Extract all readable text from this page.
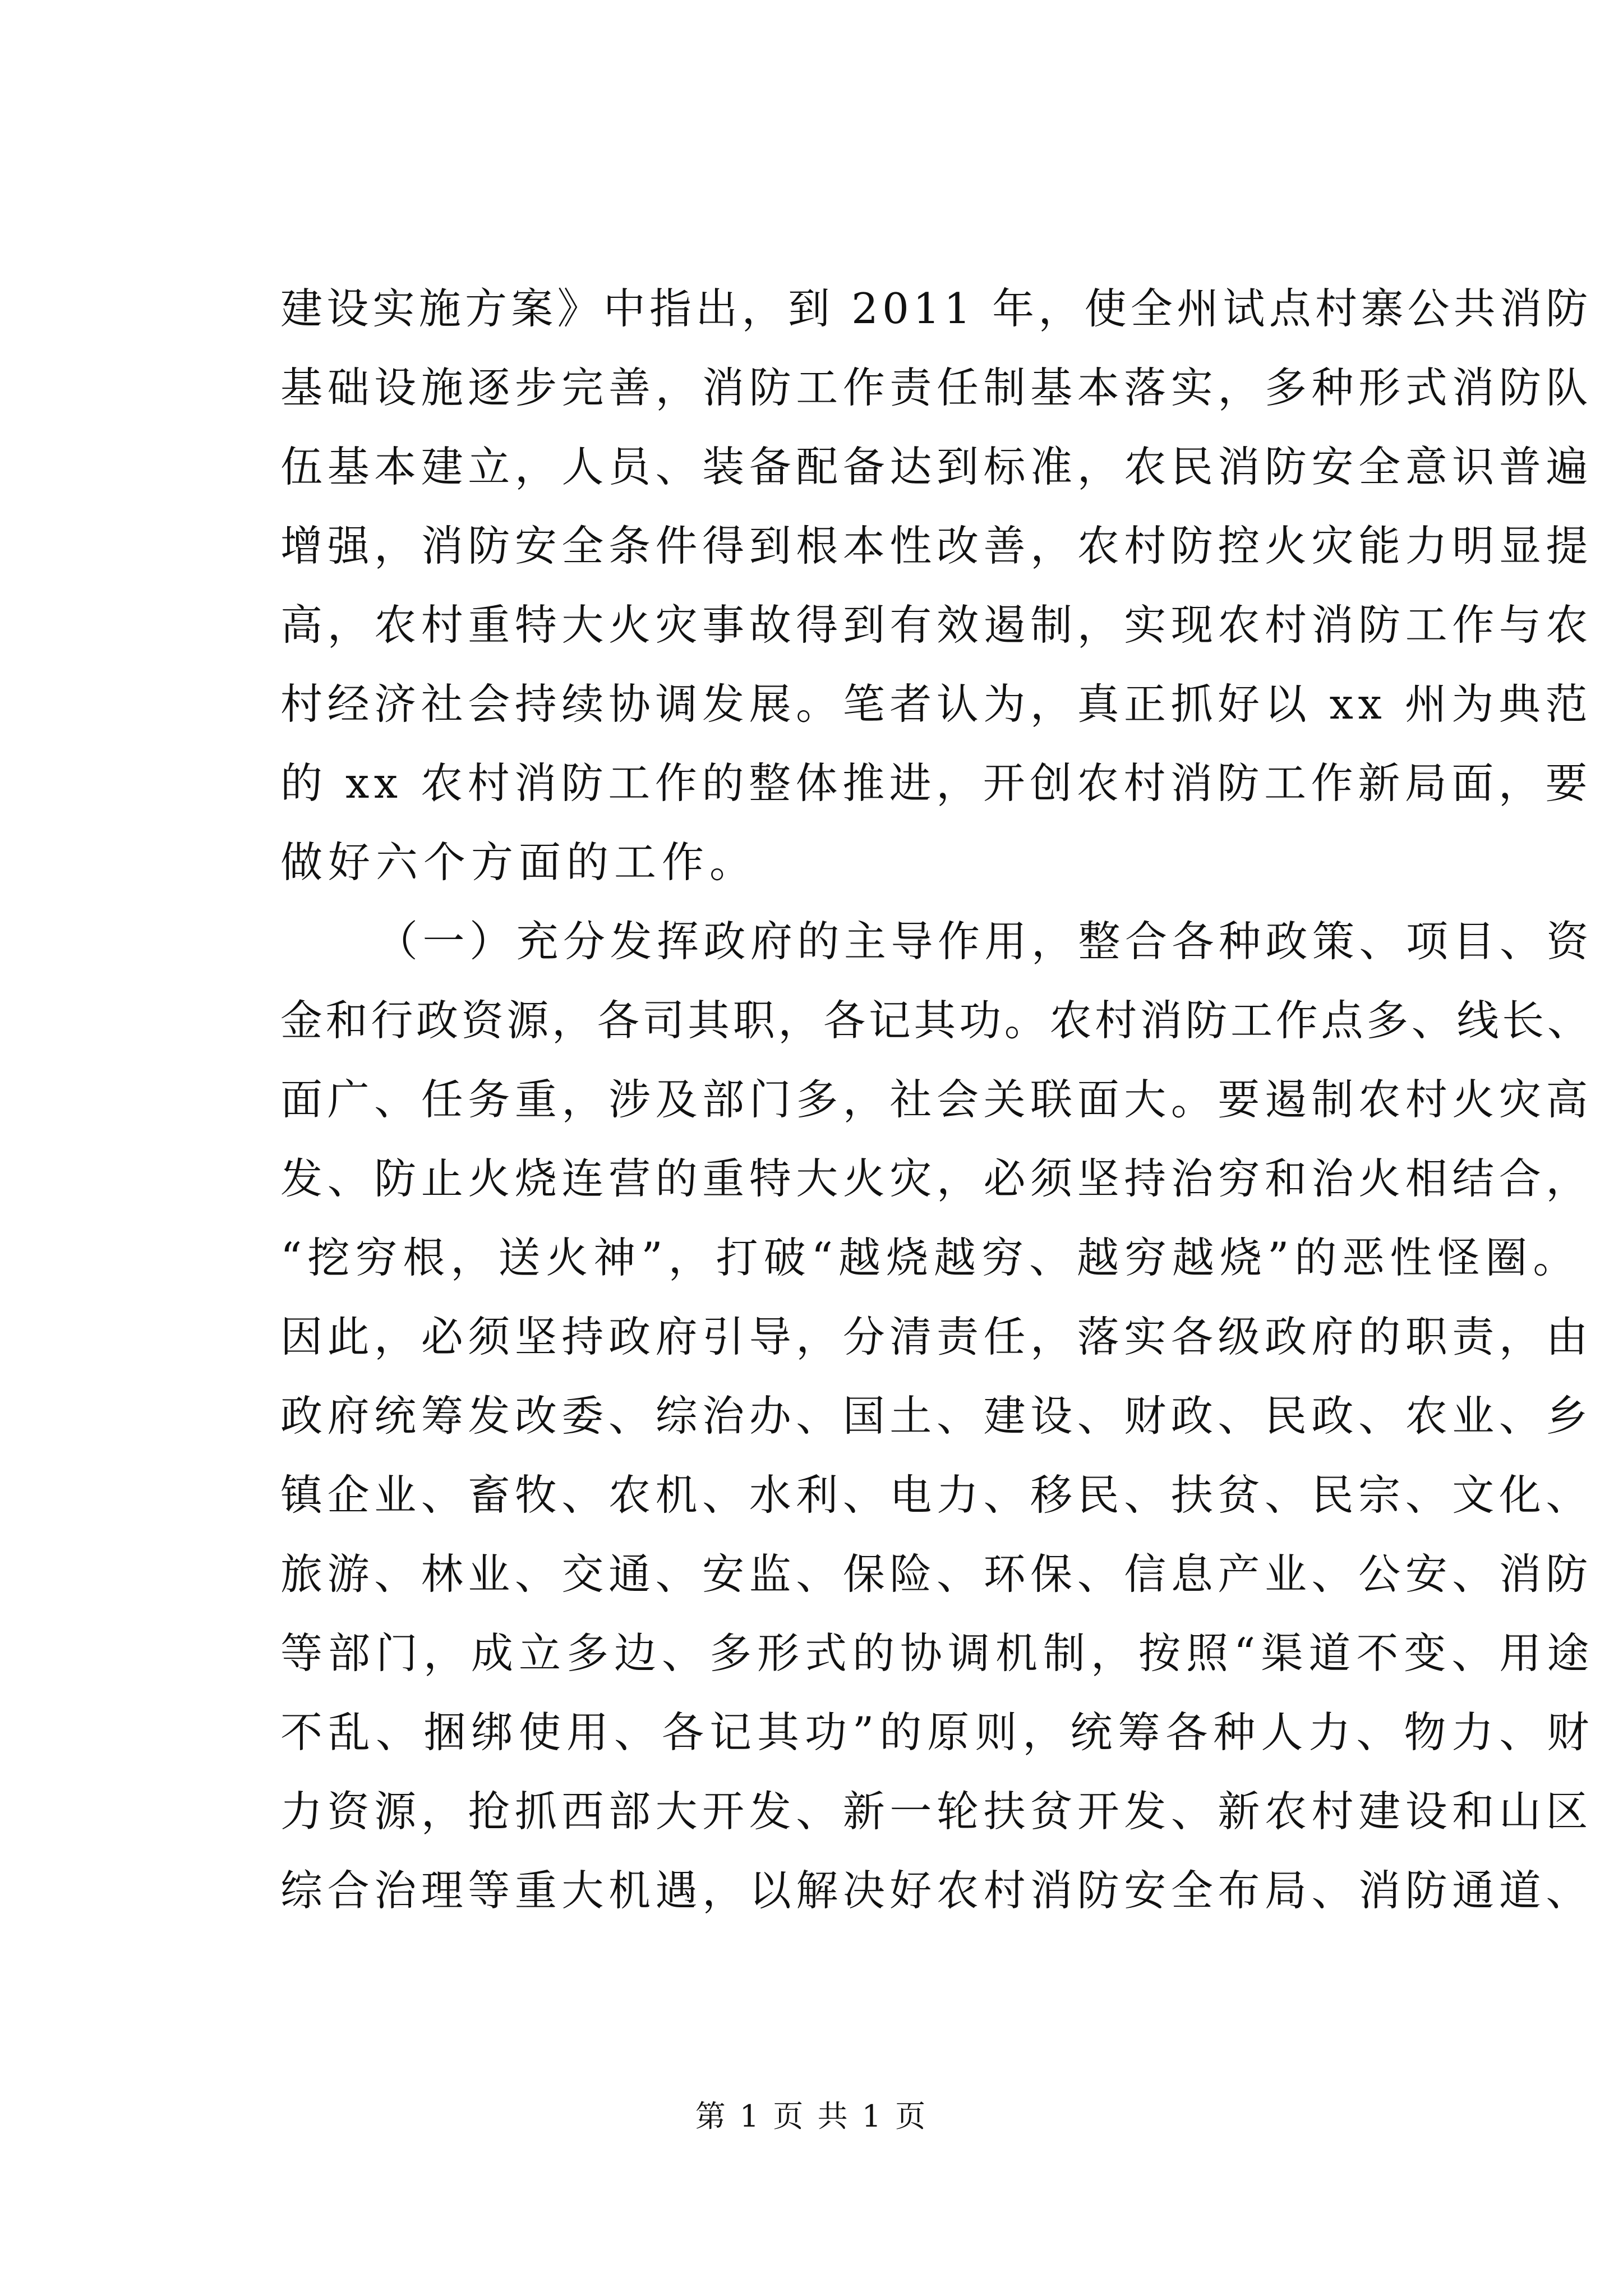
建设实施方案》中指出，到 2011 年，使全州试点村寨公共消防
基础设施逐步完善，消防工作责任制基本落实，多种形式消防队
伍基本建立，人员、装备配备达到标准，农民消防安全意识普遍
增强，消防安全条件得到根本性改善，农村防控火灾能力明显提
高，农村重特大火灾事故得到有效遏制，实现农村消防工作与农
村经济社会持续协调发展。笔者认为，真正抓好以 xx 州为典范
的 xx 农村消防工作的整体推进，开创农村消防工作新局面，要
做好六个方面的工作。
（一）充分发挥政府的主导作用，整合各种政策、项目、资
金和行政资源，各司其职，各记其功。农村消防工作点多、线长、
面广、任务重，涉及部门多，社会关联面大。要遏制农村火灾高
发、防止火烧连营的重特大火灾，必须坚持治穷和治火相结合，
“挖穷根，送火神”，打破“越烧越穷、越穷越烧”的恶性怪圈。
因此，必须坚持政府引导，分清责任，落实各级政府的职责，由
政府统筹发改委、综治办、国土、建设、财政、民政、农业、乡
镇企业、畜牧、农机、水利、电力、移民、扶贫、民宗、文化、
旅游、林业、交通、安监、保险、环保、信息产业、公安、消防
等部门，成立多边、多形式的协调机制，按照“渠道不变、用途
不乱、捆绑使用、各记其功”的原则，统筹各种人力、物力、财
力资源，抢抓西部大开发、新一轮扶贫开发、新农村建设和山区
综合治理等重大机遇，以解决好农村消防安全布局、消防通道、
第 1 页 共 1 页
